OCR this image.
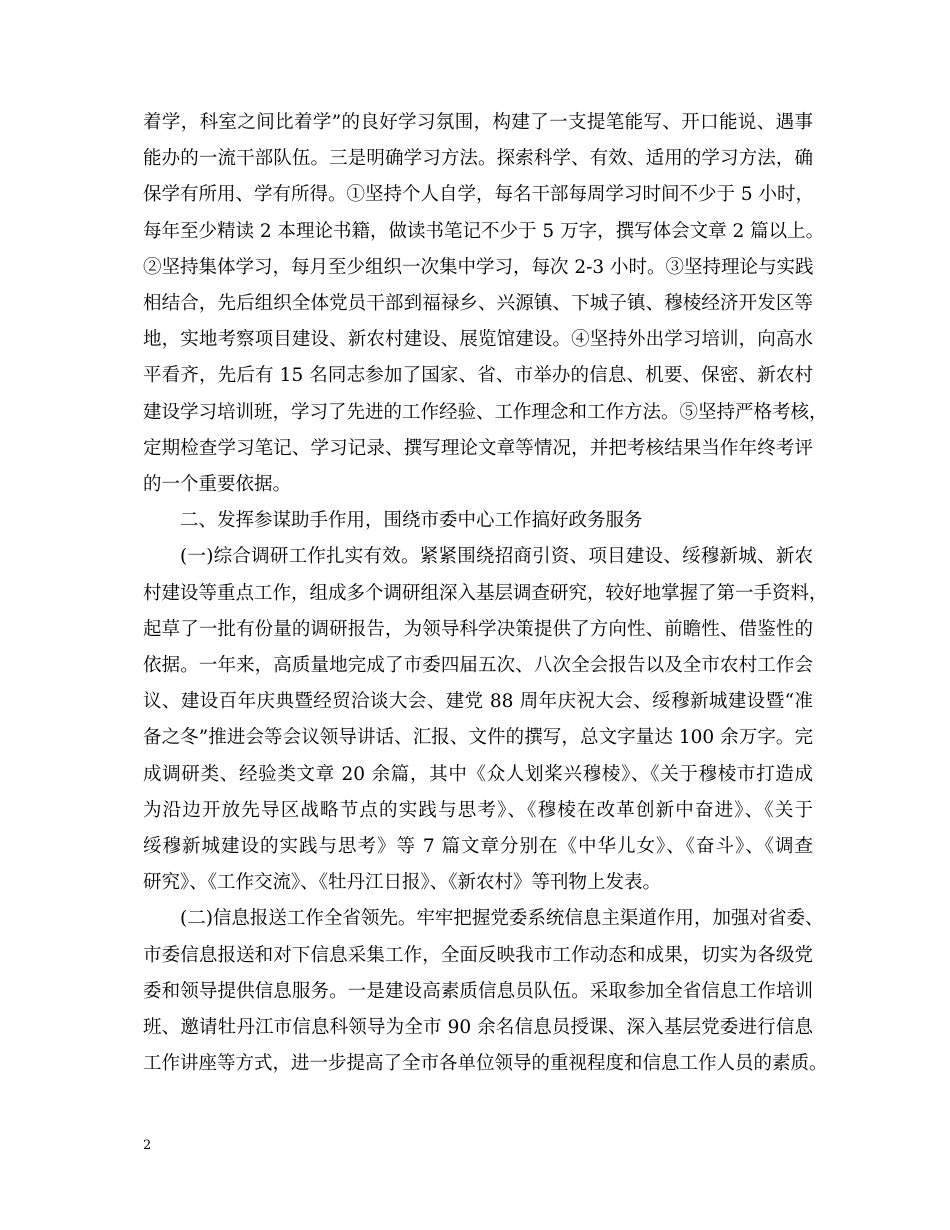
着学，科室之间比着学”的良好学习氛围，构建了一支提笔能写、开口能说、遇事
能办的一流干部队伍。三是明确学习方法。探索科学、有效、适用的学习方法，确
保学有所用、学有所得。①坚持个人自学，每名干部每周学习时间不少于 5 小时，
每年至少精读 2 本理论书籍，做读书笔记不少于 5 万字，撰写体会文章 2 篇以上。
②坚持集体学习，每月至少组织一次集中学习，每次 2-3 小时。③坚持理论与实践
相结合，先后组织全体党员干部到福禄乡、兴源镇、下城子镇、穆棱经济开发区等
地，实地考察项目建设、新农村建设、展览馆建设。④坚持外出学习培训，向高水
平看齐，先后有 15 名同志参加了国家、省、市举办的信息、机要、保密、新农村
建设学习培训班，学习了先进的工作经验、工作理念和工作方法。⑤坚持严格考核，
定期检查学习笔记、学习记录、撰写理论文章等情况，并把考核结果当作年终考评
的一个重要依据。
二、发挥参谋助手作用，围绕市委中心工作搞好政务服务
(一)综合调研工作扎实有效。紧紧围绕招商引资、项目建设、绥穆新城、新农
村建设等重点工作，组成多个调研组深入基层调查研究，较好地掌握了第一手资料，
起草了一批有份量的调研报告，为领导科学决策提供了方向性、前瞻性、借鉴性的
依据。一年来，高质量地完成了市委四届五次、八次全会报告以及全市农村工作会
议、建设百年庆典暨经贸洽谈大会、建党 88 周年庆祝大会、绥穆新城建设暨“准
备之冬”推进会等会议领导讲话、汇报、文件的撰写，总文字量达 100 余万字。完
成调研类、经验类文章 20 余篇，其中《众人划桨兴穆棱》、《关于穆棱市打造成
为沿边开放先导区战略节点的实践与思考》、《穆棱在改革创新中奋进》、《关于
绥穆新城建设的实践与思考》等 7 篇文章分别在《中华儿女》、《奋斗》、《调查
研究》、《工作交流》、《牡丹江日报》、《新农村》等刊物上发表。
(二)信息报送工作全省领先。牢牢把握党委系统信息主渠道作用，加强对省委、
市委信息报送和对下信息采集工作，全面反映我市工作动态和成果，切实为各级党
委和领导提供信息服务。一是建设高素质信息员队伍。采取参加全省信息工作培训
班、邀请牡丹江市信息科领导为全市 90 余名信息员授课、深入基层党委进行信息
工作讲座等方式，进一步提高了全市各单位领导的重视程度和信息工作人员的素质。
2
